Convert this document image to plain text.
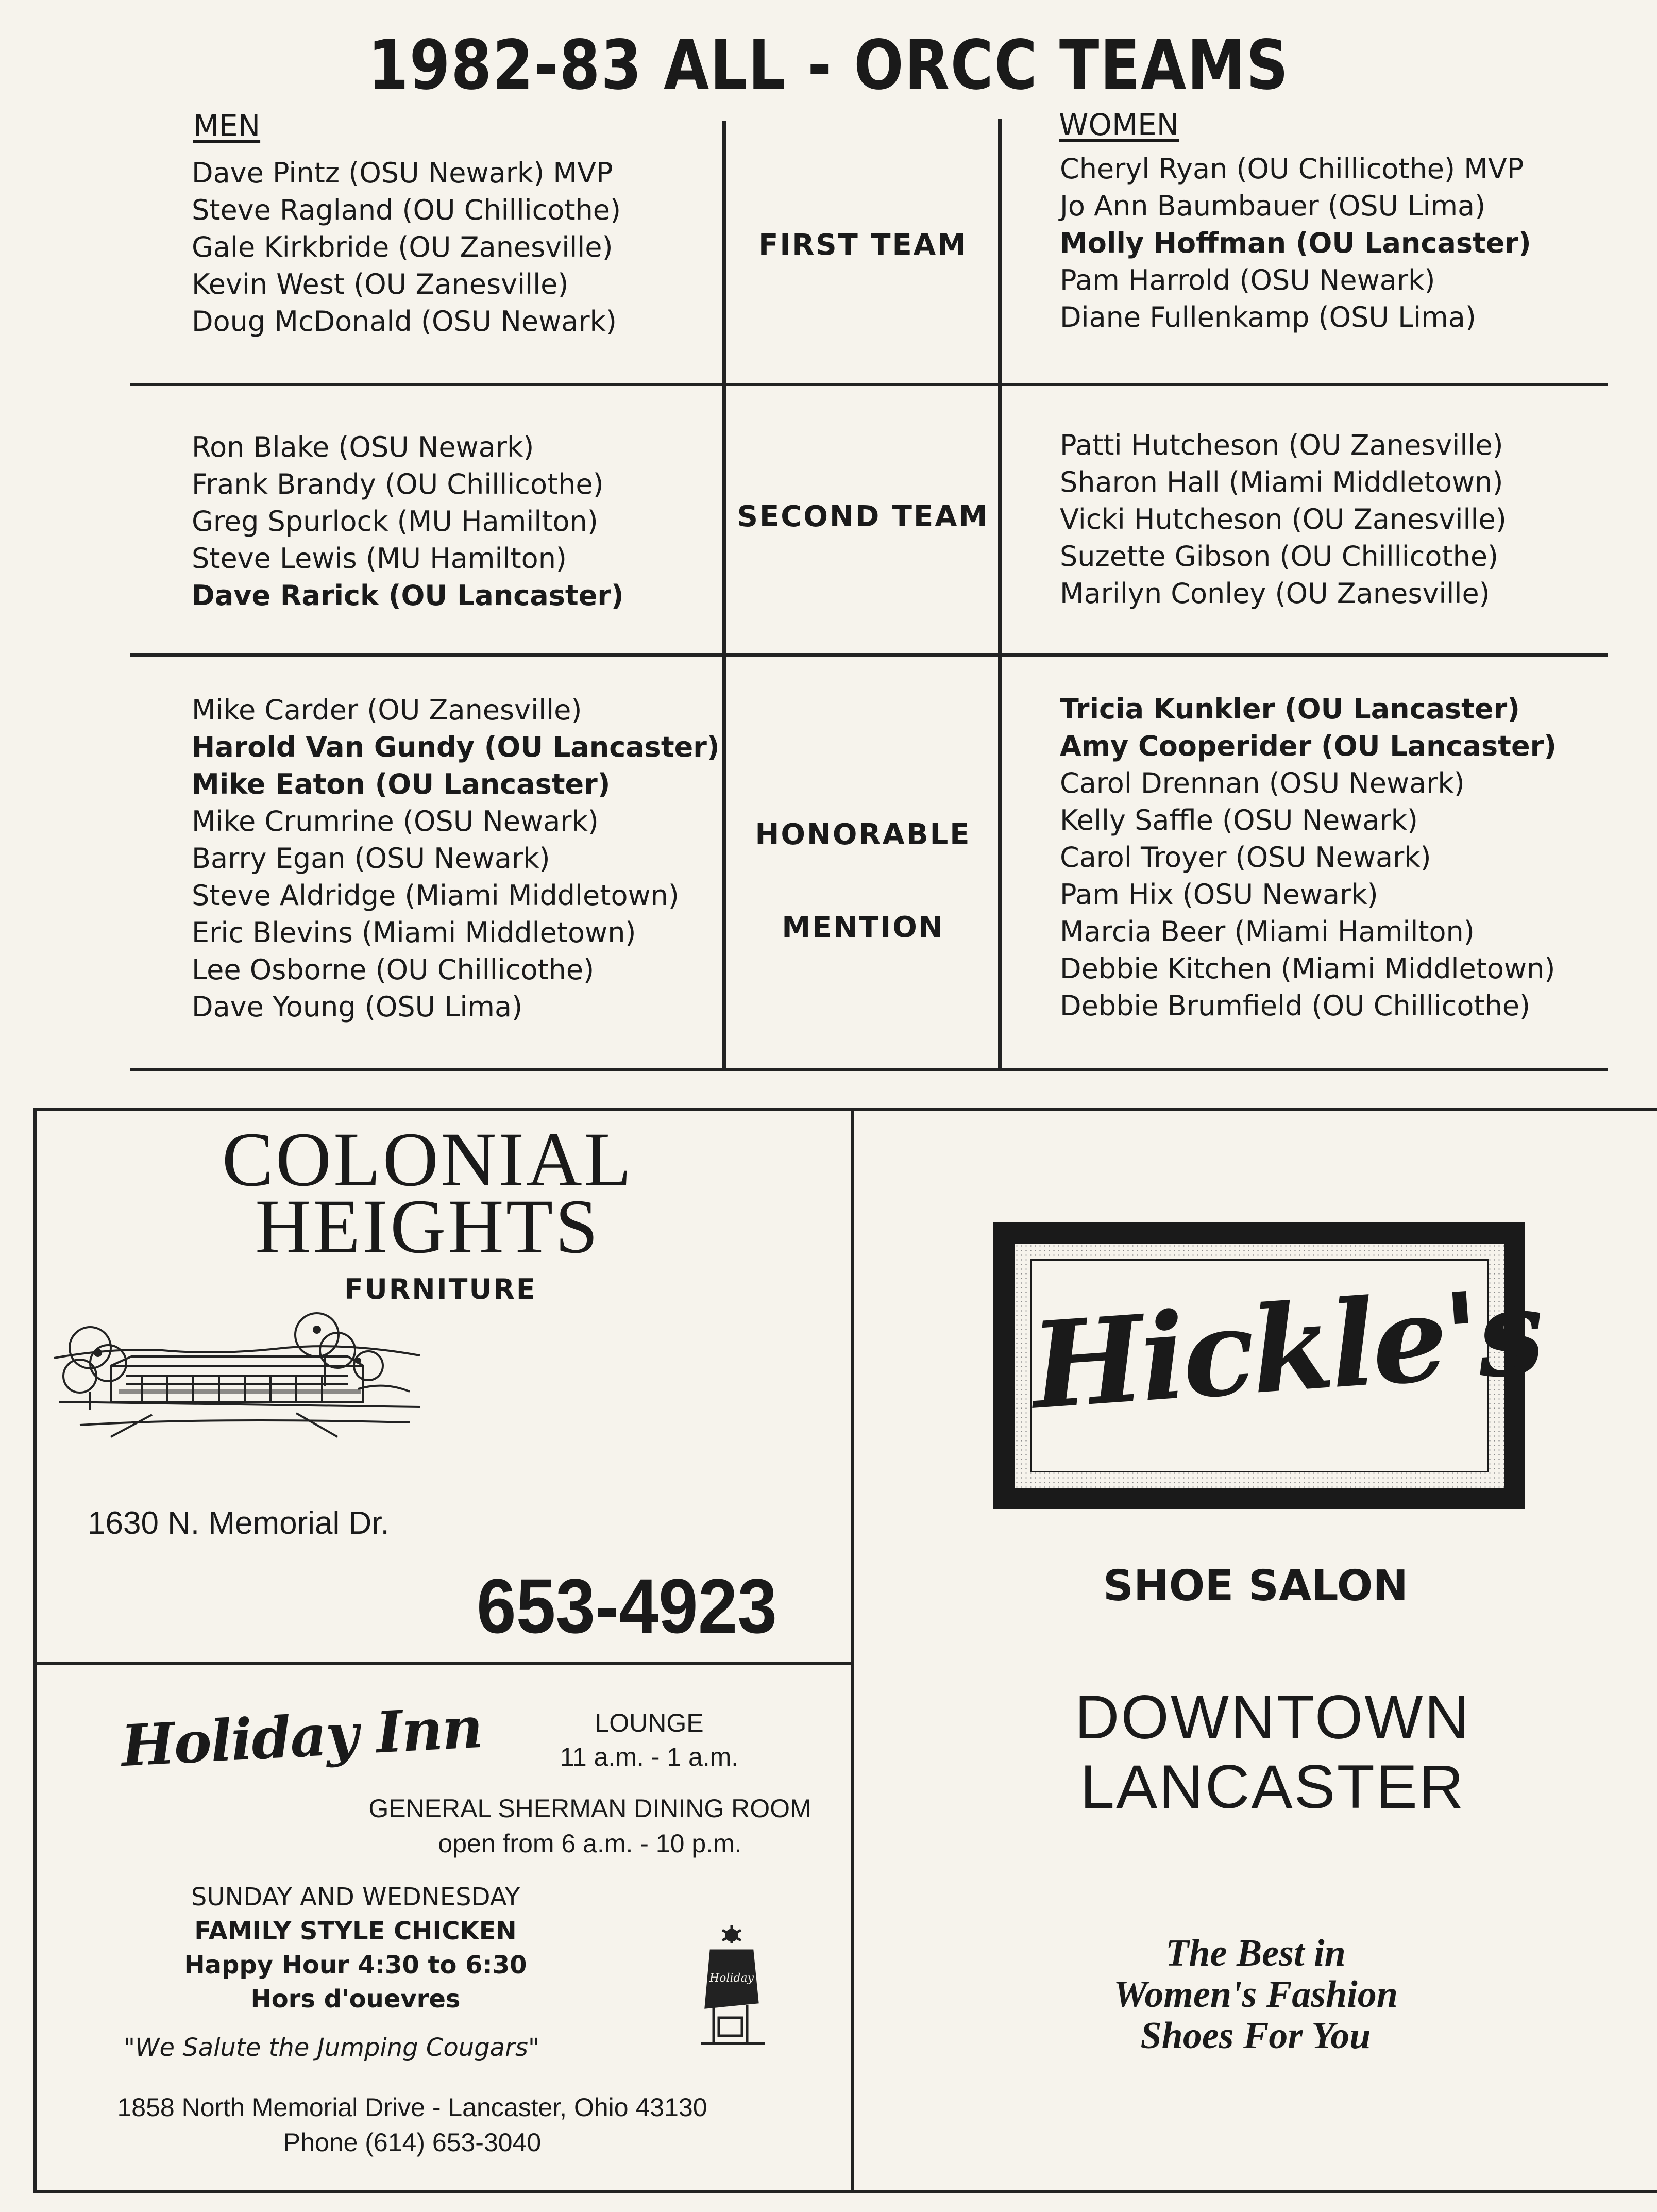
1982-83 ALL - ORCC TEAMS
MEN	WOMEN
Dave Pintz (OSU Newark) MVP
Steve Ragland (OU Chillicothe)
Gale Kirkbride (OU Zanesville)
Kevin West (OU Zanesville)
Doug McDonald (OSU Newark)
Cheryl Ryan (OU Chillicothe) MVP
Jo Ann Baumbauer (OSU Lima)
Molly Hoffman (OU Lancaster)
Pam Harrold (OSU Newark)
Diane Fullenkamp (OSU Lima)
FIRST TEAM
Ron Blake (OSU Newark)
Frank Brandy (OU Chillicothe)
Greg Spurlock (MU Hamilton)
Steve Lewis (MU Hamilton)
Dave Rarick (OU Lancaster)
Patti Hutcheson (OU Zanesville)
Sharon Hall (Miami Middletown)
Vicki Hutcheson (OU Zanesville)
Suzette Gibson (OU Chillicothe)
Marilyn Conley (OU Zanesville)
SECOND TEAM
Mike Carder (OU Zanesville)
Harold Van Gundy (OU Lancaster)
Mike Eaton (OU Lancaster)
Mike Crumrine (OSU Newark)
Barry Egan (OSU Newark)
Steve Aldridge (Miami Middletown)
Eric Blevins (Miami Middletown)
Lee Osborne (OU Chillicothe)
Dave Young (OSU Lima)
Tricia Kunkler (OU Lancaster)
Amy Cooperider (OU Lancaster)
Carol Drennan (OSU Newark)
Kelly Saffle (OSU Newark)
Carol Troyer (OSU Newark)
Pam Hix (OSU Newark)
Marcia Beer (Miami Hamilton)
Debbie Kitchen (Miami Middletown)
Debbie Brumfield (OU Chillicothe)
HONORABLE
MENTION
COLONIAL
HEIGHTS
FURNITURE
1630 N. Memorial Dr.
653-4923
Holiday Inn	LOUNGE
11 a.m. - 1 a.m.
GENERAL SHERMAN DINING ROOM
open from 6 a.m. - 10 p.m.
SUNDAY AND WEDNESDAY
FAMILY STYLE CHICKEN
Happy Hour 4:30 to 6:30
Hors d'ouevres
"We Salute the Jumping Cougars"
Holiday
1858 North Memorial Drive - Lancaster, Ohio 43130
Phone (614) 653-3040
Hickle's
SHOE SALON
DOWNTOWN
LANCASTER
The Best in
Women's Fashion
Shoes For You
